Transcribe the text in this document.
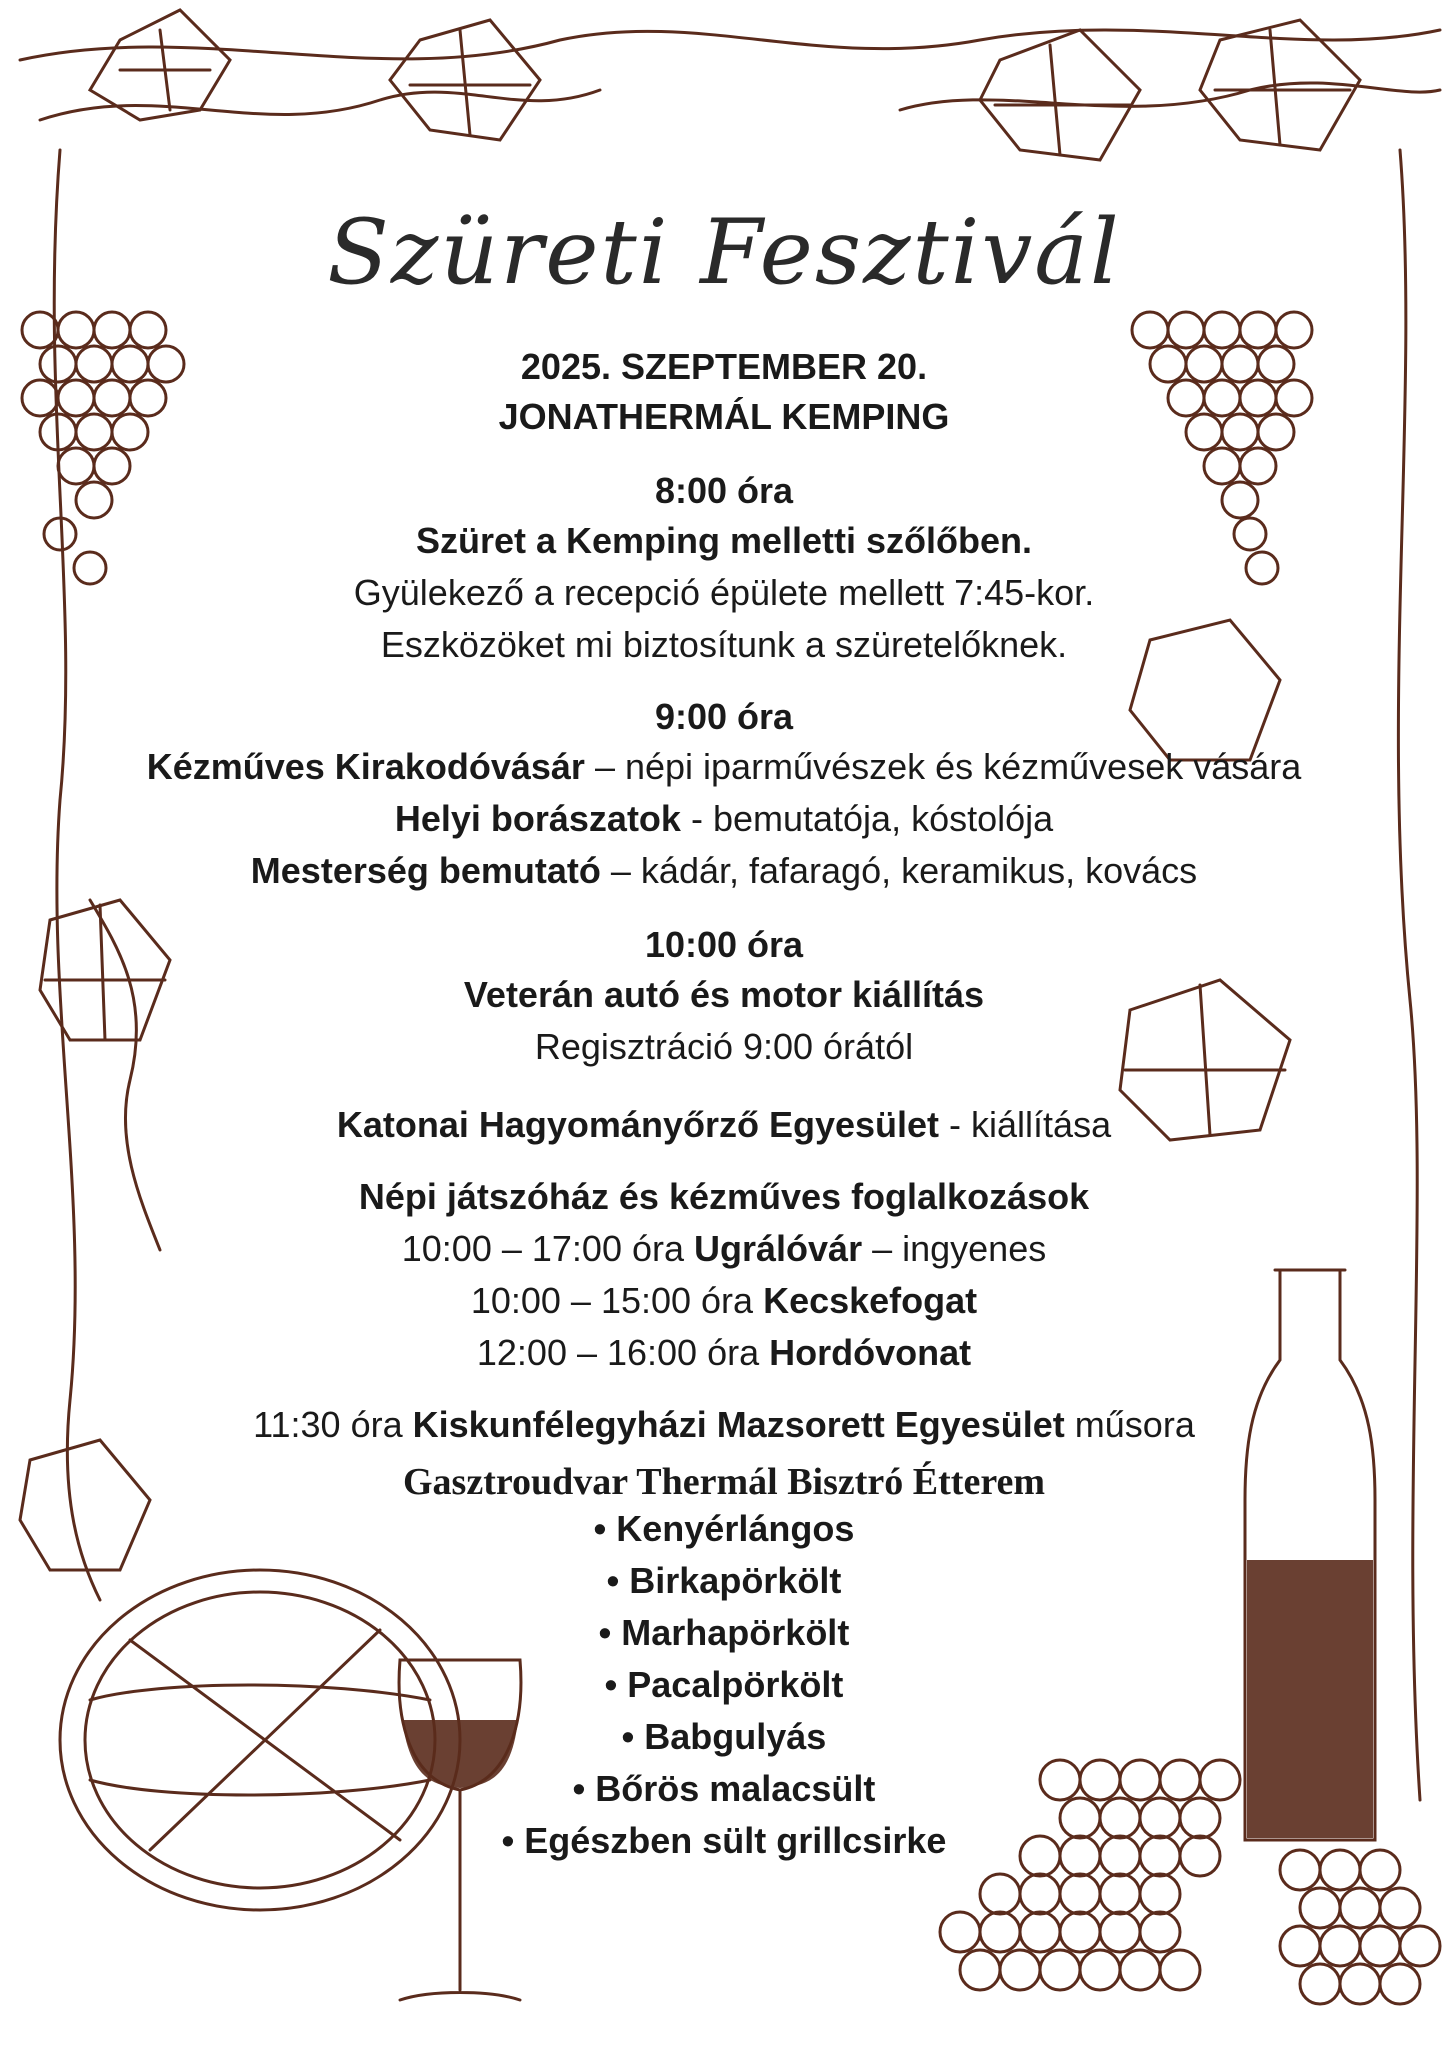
Szüreti Fesztivál
2025. SZEPTEMBER 20.
JONATHERMÁL KEMPING
8:00 óra
Szüret a Kemping melletti szőlőben.
Gyülekező a recepció épülete mellett 7:45-kor.
Eszközöket mi biztosítunk a szüretelőknek.
9:00 óra
Kézműves Kirakodóvásár – népi iparművészek és kézművesek vására
Helyi borászatok - bemutatója, kóstolója
Mesterség bemutató – kádár, fafaragó, keramikus, kovács
10:00 óra
Veterán autó és motor kiállítás
Regisztráció 9:00 órától
Katonai Hagyományőrző Egyesület - kiállítása
Népi játszóház és kézműves foglalkozások
10:00 – 17:00 óra Ugrálóvár – ingyenes
10:00 – 15:00 óra Kecskefogat
12:00 – 16:00 óra Hordóvonat
11:30 óra Kiskunfélegyházi Mazsorett Egyesület műsora
Gasztroudvar Thermál Bisztró Étterem
• Kenyérlángos
• Birkapörkölt
• Marhapörkölt
• Pacalpörkölt
• Babgulyás
• Bőrös malacsült
• Egészben sült grillcsirke
